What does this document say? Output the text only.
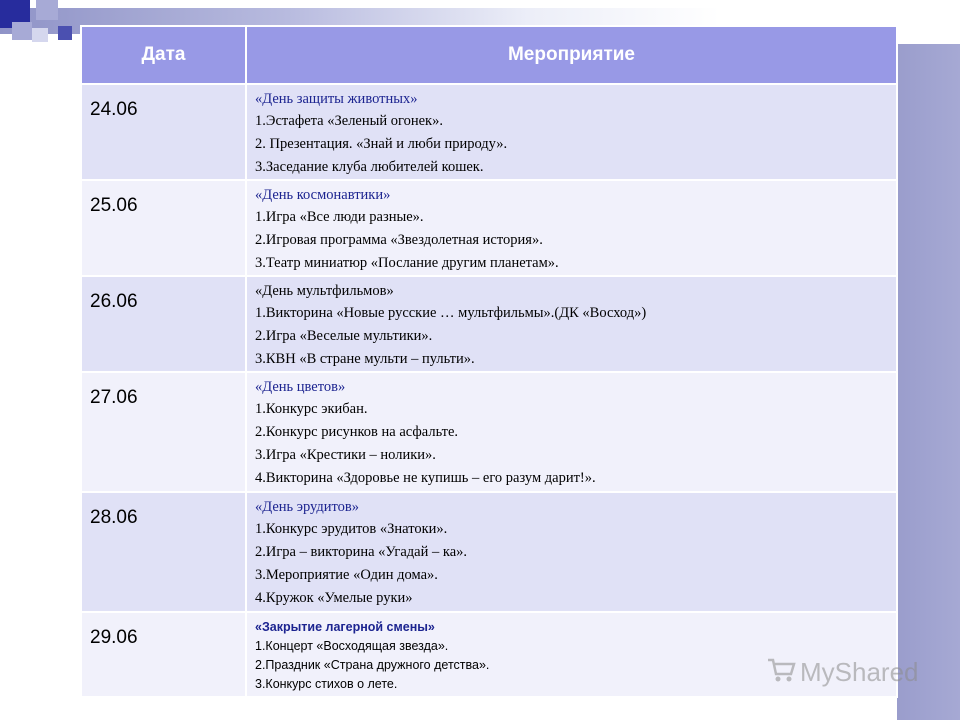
Дата	Мероприятие
24.06	«День защиты животных»
1.Эстафета «Зеленый огонек».
2. Презентация. «Знай и люби природу».
3.Заседание клуба любителей кошек.

25.06	«День космонавтики»
1.Игра «Все люди разные».
2.Игровая программа «Звездолетная история».
3.Театр миниатюр «Послание другим планетам».

26.06	«День мультфильмов»
1.Викторина «Новые русские … мультфильмы».(ДК «Восход»)
2.Игра «Веселые мультики».
3.КВН «В стране мульти – пульти».

27.06	«День цветов»
1.Конкурс экибан.
2.Конкурс рисунков на асфальте.
3.Игра «Крестики – нолики».
4.Викторина «Здоровье не купишь – его разум дарит!».

28.06	«День эрудитов»
1.Конкурс эрудитов «Знатоки».
2.Игра – викторина «Угадай – ка».
3.Мероприятие «Один дома».
4.Кружок «Умелые руки»

29.06	«Закрытие лагерной смены»
1.Концерт «Восходящая звезда».
2.Праздник «Страна дружного детства».
3.Конкурс стихов о лете.	MyShared
